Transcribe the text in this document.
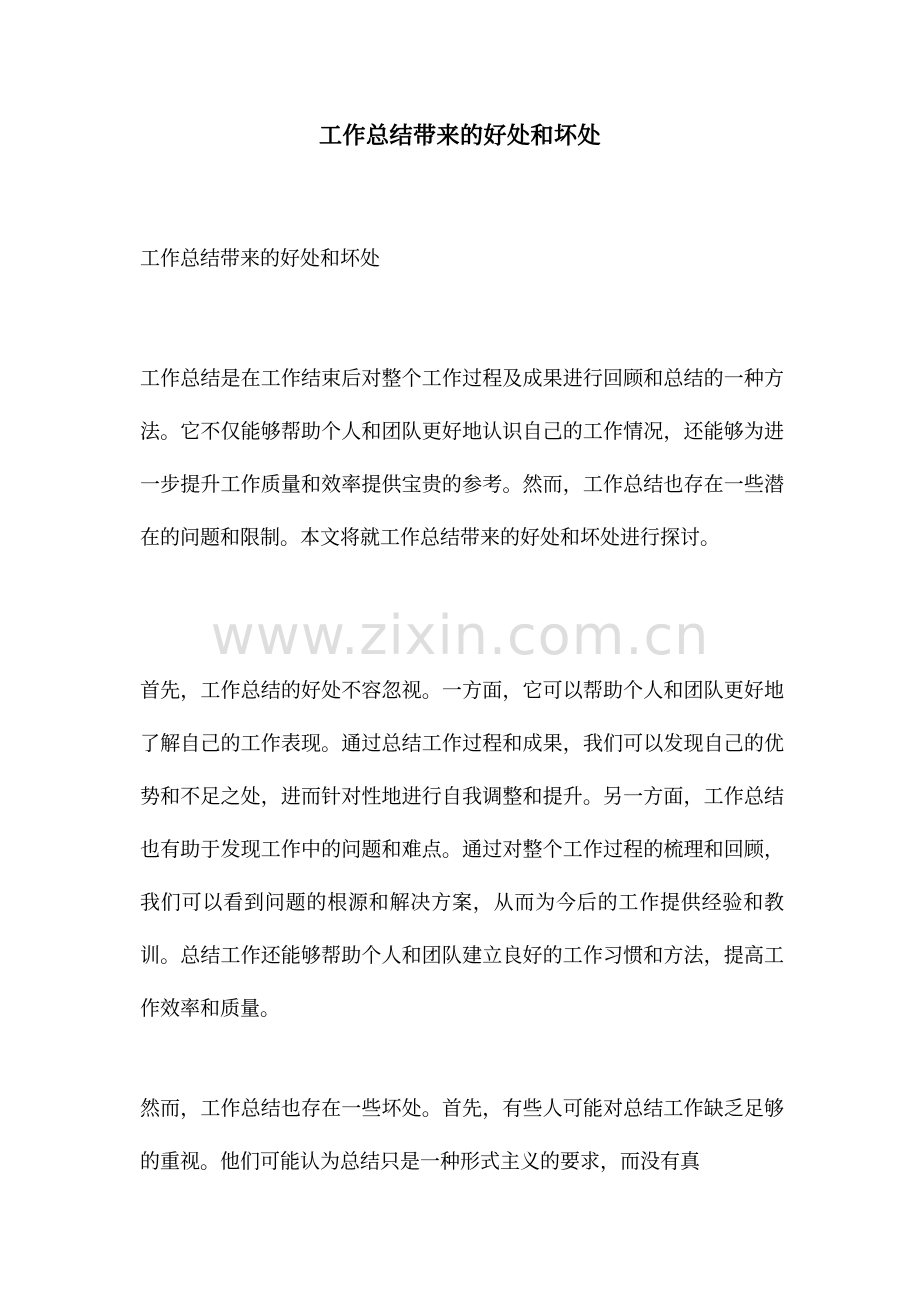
工作总结带来的好处和坏处

工作总结带来的好处和坏处

工作总结是在工作结束后对整个工作过程及成果进行回顾和总结的一种方法。它不仅能够帮助个人和团队更好地认识自己的工作情况，还能够为进一步提升工作质量和效率提供宝贵的参考。然而，工作总结也存在一些潜在的问题和限制。本文将就工作总结带来的好处和坏处进行探讨。

www.zixin.com.cn

首先，工作总结的好处不容忽视。一方面，它可以帮助个人和团队更好地了解自己的工作表现。通过总结工作过程和成果，我们可以发现自己的优势和不足之处，进而针对性地进行自我调整和提升。另一方面，工作总结也有助于发现工作中的问题和难点。通过对整个工作过程的梳理和回顾，我们可以看到问题的根源和解决方案，从而为今后的工作提供经验和教训。总结工作还能够帮助个人和团队建立良好的工作习惯和方法，提高工作效率和质量。

然而，工作总结也存在一些坏处。首先，有些人可能对总结工作缺乏足够的重视。他们可能认为总结只是一种形式主义的要求，而没有真
